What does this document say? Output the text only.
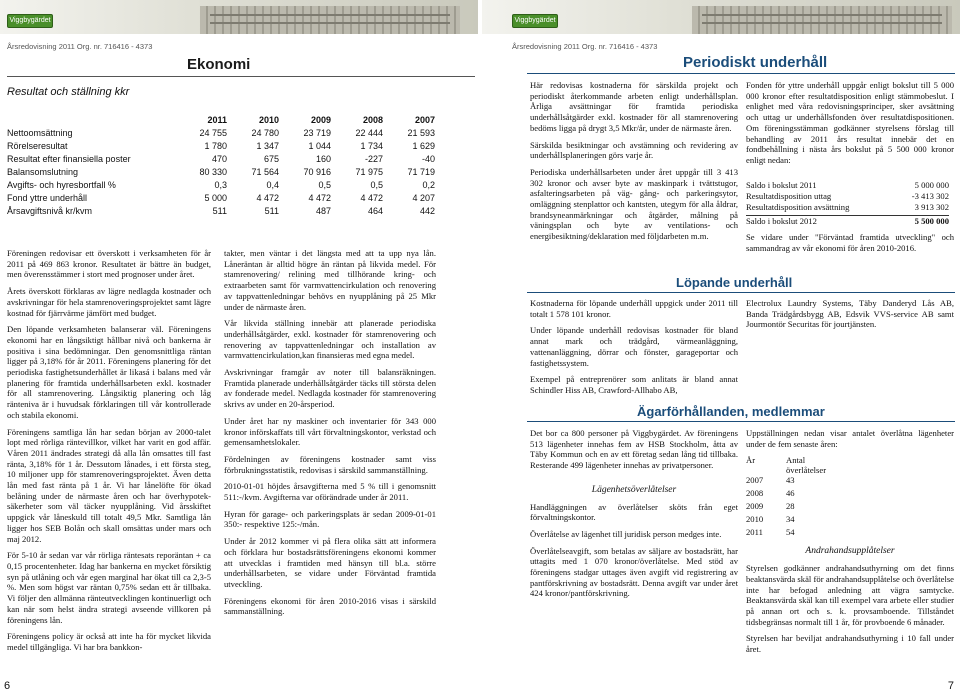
Viggbygärdet
Årsredovisning 2011 Org. nr. 716416 - 4373
Ekonomi
Resultat och ställning kkr
	2011	2010	2009	2008	2007
Nettoomsättning	24 755	24 780	23 719	22 444	21 593
Rörelseresultat	1 780	1 347	1 044	1 734	1 629
Resultat efter finansiella poster	470	675	160	-227	-40
Balansomslutning	80 330	71 564	70 916	71 975	71 719
Avgifts- och hyresbortfall %	0,3	0,4	0,5	0,5	0,2
Fond yttre underhåll	5 000	4 472	4 472	4 472	4 207
Årsavgiftsnivå kr/kvm	511	511	487	464	442

Föreningen redovisar ett överskott i verksamheten för år 2011 på 469 863 kronor. Resultatet är bättre än budget, men överensstämmer i stort med prognoser under året.

Årets överskott förklaras av lägre nedlagda kostnader och avskrivningar för hela stamrenoveringsprojektet samt lägre kostnad för fjärrvärme jämfört med budget.

Den löpande verksamheten balanserar väl. Föreningens ekonomi har en långsiktigt hållbar nivå och bankerna är positiva i sina bedömningar. Den genomsnittliga räntan ligger på 3,18% för år 2011. Föreningens planering för det periodiska fastighetsunderhållet är likasá i balans med vår planering för framtida underhållsarbeten exkl. kostnader för all stamrenovering. Långsiktig planering och låg ränteniva är i huvudsak förklaringen till vår kontrollerade och stabila ekonomi.

Föreningens samtliga lån har sedan början av 2000-talet lopt med rörliga räntevillkor, vilket har varit en god affär. Våren 2011 ändrades strategi då alla lån omsattes till fast ränta, 3,18% för 1 år. Dessutom lånades, i ett första steg, 10 miljoner upp för stamrenoveringsprojektet. Även detta lån med fast ränta på 1 år. Vi har lånelöfte för ökad belåning under de närmaste åren och har överhypotek-säkerheter som väl täcker nyupplåning. Vid årsskiftet uppgick vår låneskuld till totalt 49,5 Mkr. Samtliga lån ligger hos SEB Bolån och skall omsättas under mars och maj 2012.

För 5-10 år sedan var vår rörliga räntesats reporäntan + ca 0,15 procentenheter. Idag har bankerna en mycket försiktig syn på utlåning och vår egen marginal har ökat till ca 2,3-5 %. Men som högst var räntan 0,75% sedan ett år tillbaka. Vi följer den allmänna ränteutvecklingen kontinuerligt och kan när som helst ändra strategi avseende villkoren på föreningens lån.

Föreningens policy är också att inte ha för mycket likvida medel tillgängliga. Vi har bra bankkon-

takter, men väntar i det längsta med att ta upp nya lån. Låneräntan är alltid högre än räntan på likvida medel. För stamrenovering/ relining med tillhörande kring- och extraarbeten samt för varmvattencirkulation och renovering av tappvattenledningar behövs en nyupplåning på 25 Mkr under de närmaste åren.

Vår likvida ställning innebär att planerade periodiska underhållsåtgärder, exkl. kostnader för stamrenovering och renovering av tappvattenledningar och installation av varmvattencirkulation,kan finansieras med egna medel.

Avskrivningar framgår av noter till balansräkningen. Framtida planerade underhållsåtgärder täcks till största delen av fonderade medel. Nedlagda kostnader för stamrenovering skrivs av under en 20-årsperiod.

Under året har ny maskiner och inventarier för 343 000 kronor införskaffats till vårt förvaltningskontor, verkstad och gemensamhetslokaler.

Fördelningen av föreningens kostnader samt viss förbrukningsstatistik, redovisas i särskild sammanställning.

2010-01-01 höjdes årsavgifterna med 5 % till i genomsnitt 511:-/kvm. Avgifterna var oförändrade under år 2011.

Hyran för garage- och parkeringsplats är sedan 2009-01-01 350:- respektive 125:-/mån.

Under år 2012 kommer vi på flera olika sätt att informera och förklara hur bostadsrättsföreningens ekonomi kommer att utvecklas i framtiden med hänsyn till bl.a. större underhållsarbeten, se vidare under Förväntad framtida utveckling.

Föreningens ekonomi för åren 2010-2016 visas i särskild sammanställning.

6
Viggbygärdet
Årsredovisning 2011 Org. nr. 716416 - 4373
Periodiskt underhåll

Här redovisas kostnaderna för särskilda projekt och periodiskt återkommande arbeten enligt underhållsplan. Årliga avsättningar för framtida periodiska underhållsåtgärder exkl. kostnader för all stamrenovering bedöms ligga på drygt 3,5 Mkr/år, under de närmaste åren.

Särskilda besiktningar och avstämning och revidering av underhållsplaneringen görs varje år.

Periodiska underhållsarbeten under året uppgår till 3 413 302 kronor och avser byte av maskinpark i tvättstugor, asfalteringsarbeten på väg- gång- och parkeringsytor, omläggning stenplattor och kantsten, utegym för alla åldrar, brandsyneanmärkningar och åtgärder, målning på väningsplan och byte av ventilations- och energibesiktning/deklaration med följdarbeten m.m.

Fonden för yttre underhåll uppgår enligt bokslut till 5 000 000 kronor efter resultatdisposition enligt stämmobeslut. I enlighet med våra redovisningsprinciper, sker avsättning och uttag ur underhållsfonden över resultatdispositionen. Om föreningsstämman godkänner styrelsens förslag till behandling av 2011 års resultat innebär det en fondbehållning i nästa års bokslut på 5 500 000 kronor enligt nedan:

Saldo i bokslut 2011	5 000 000
Resultatdisposition uttag	-3 413 302
Resultatdisposition avsättning	3 913 302
Saldo i bokslut 2012	5 500 000

Se vidare under "Förväntad framtida utveckling" och sammandrag av vår ekonomi för åren 2010-2016.

Löpande underhåll

Kostnaderna för löpande underhåll uppgick under 2011 till totalt 1 578 101 kronor.

Under löpande underhåll redovisas kostnader för bland annat mark och trädgård, värmeanläggning, vattenanläggning, dörrar och fönster, garageportar och fastighetssystem.

Exempel på entreprenörer som anlitats är bland annat Schindler Hiss AB, Crawford-Allhabo AB,

Electrolux Laundry Systems, Täby Danderyd Lås AB, Banda Trädgårdsbygg AB, Edsvik VVS-service AB samt Jourmontör Securitas för jourtjänsten.

Ägarförhållanden, medlemmar

Det bor ca 800 personer på Viggbygärdet. Av föreningens 513 lägenheter innehas fem av HSB Stockholm, åtta av Täby Kommun och en av ett företag sedan lång tid tillbaka. Resterande 499 lägenheter innehas av privatpersoner.

Lägenhetsöverlåtelser

Handläggningen av överlåtelser sköts från eget förvaltningskontor.

Överlåtelse av lägenhet till juridisk person medges inte.

Överlåtelseavgift, som betalas av säljare av bostadsrätt, har uttagits med 1 070 kronor/överlåtelse. Med stöd av föreningens stadgar uttages även avgift vid registrering av pantförskrivning av bostadsrätt. Denna avgift var under året 424 kronor/pantförskrivning.

Uppställningen nedan visar antalet överlåtna lägenheter under de fem senaste åren:

År	Antal överlåtelser
2007	43
2008	46
2009	28
2010	34
2011	54

Andrahandsupplåtelser

Styrelsen godkänner andrahandsuthyrning om det finns beaktansvärda skäl för andrahandsupplåtelse och överlåtelse inte har befogad anledning att vägra samtycke. Beaktansvärda skäl kan till exempel vara arbete eller studier på annan ort och s. k. provsamboende. Tillståndet tidsbegränsas normalt till 1 år, för provboende 6 månader.

Styrelsen har beviljat andrahandsuthyrning i 10 fall under året.

7
